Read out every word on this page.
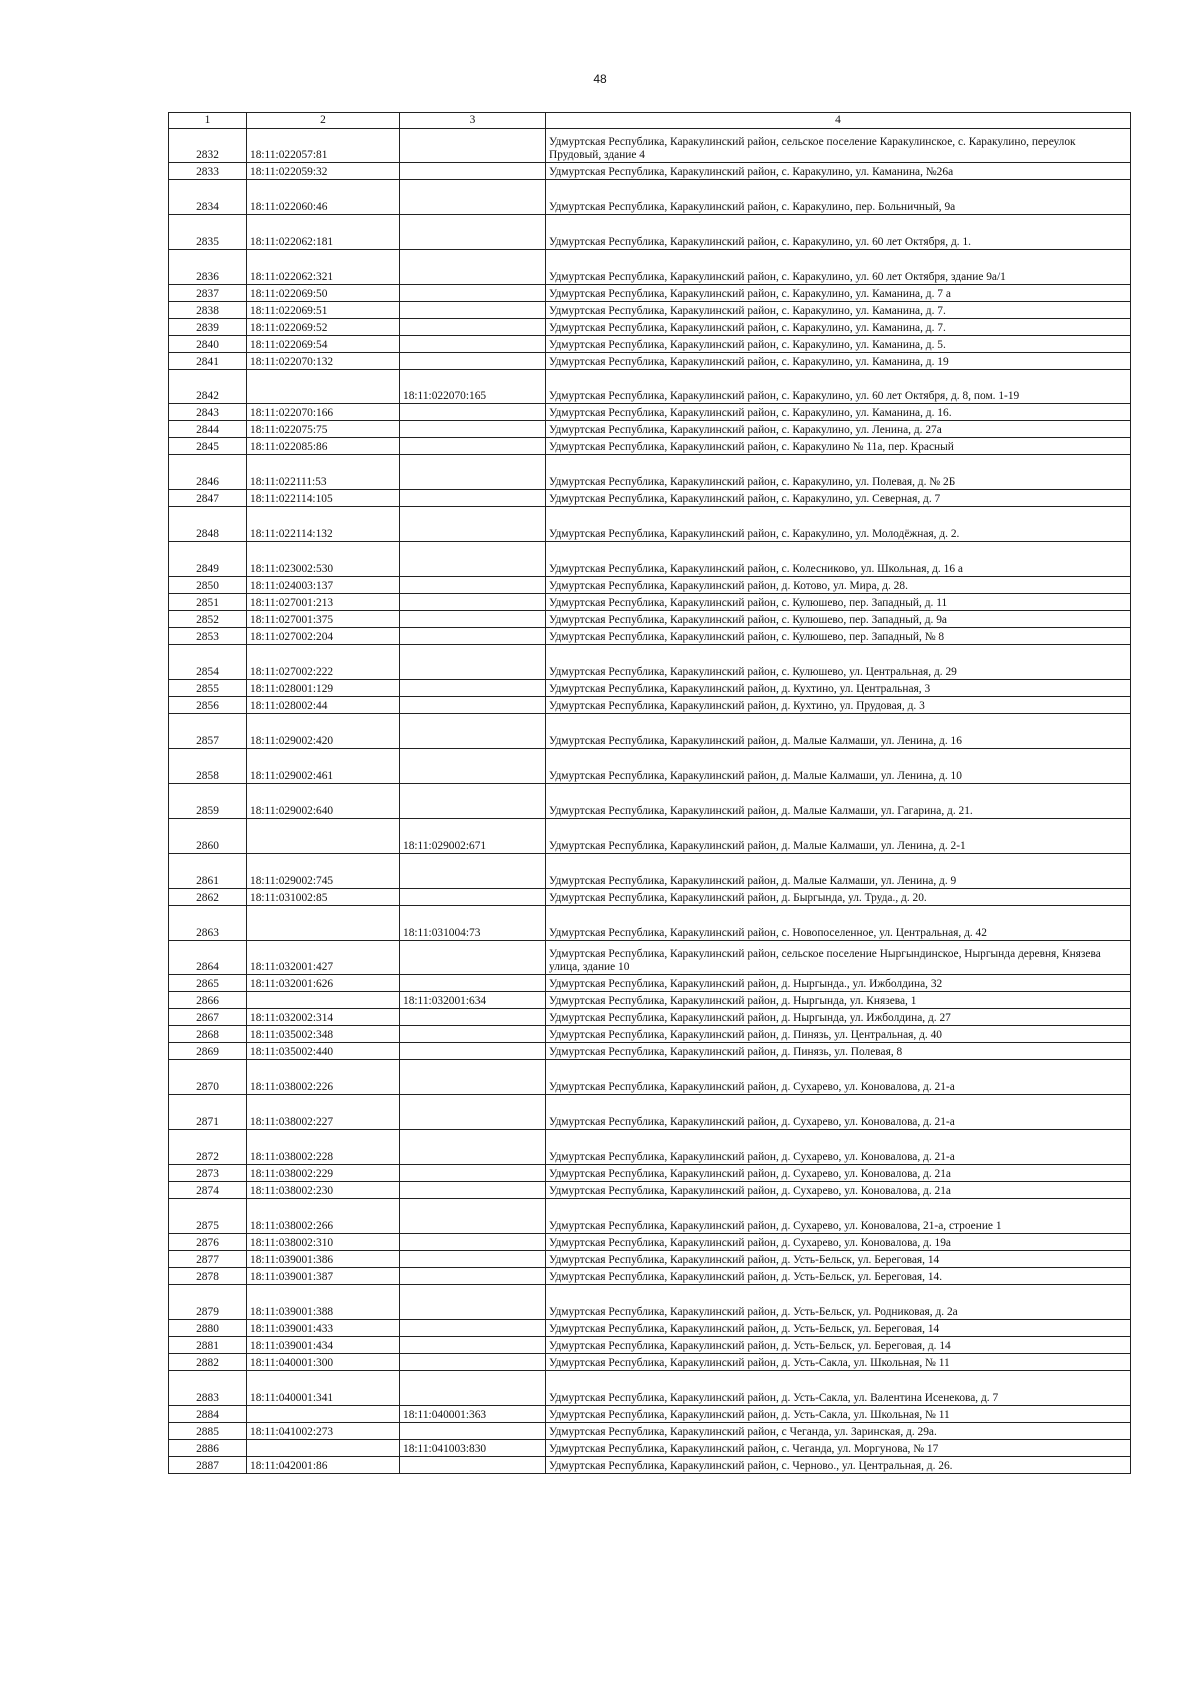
48
1	2	3	4
2832	18:11:022057:81		Удмуртская Республика, Каракулинский район, сельское поселение Каракулинское, с. Каракулино, переулок Прудовый, здание 4
2833	18:11:022059:32		Удмуртская Республика, Каракулинский район, с. Каракулино, ул. Каманина, №26а
2834	18:11:022060:46		Удмуртская Республика, Каракулинский район, с. Каракулино, пер. Больничный, 9а
2835	18:11:022062:181		Удмуртская Республика, Каракулинский район, с. Каракулино, ул. 60 лет Октября, д. 1.
2836	18:11:022062:321		Удмуртская Республика, Каракулинский район, с. Каракулино, ул. 60 лет Октября, здание 9а/1
2837	18:11:022069:50		Удмуртская Республика, Каракулинский район, с. Каракулино, ул. Каманина, д. 7 а
2838	18:11:022069:51		Удмуртская Республика, Каракулинский район, с. Каракулино, ул. Каманина, д. 7.
2839	18:11:022069:52		Удмуртская Республика, Каракулинский район, с. Каракулино, ул. Каманина, д. 7.
2840	18:11:022069:54		Удмуртская Республика, Каракулинский район, с. Каракулино, ул. Каманина, д. 5.
2841	18:11:022070:132		Удмуртская Республика, Каракулинский район, с. Каракулино, ул. Каманина, д. 19
2842		18:11:022070:165	Удмуртская Республика, Каракулинский район, с. Каракулино, ул. 60 лет Октября, д. 8, пом. 1-19
2843	18:11:022070:166		Удмуртская Республика, Каракулинский район, с. Каракулино, ул. Каманина, д. 16.
2844	18:11:022075:75		Удмуртская Республика, Каракулинский район, с. Каракулино, ул. Ленина, д. 27а
2845	18:11:022085:86		Удмуртская Республика, Каракулинский район, с. Каракулино № 11а, пер. Красный
2846	18:11:022111:53		Удмуртская Республика, Каракулинский район, с. Каракулино, ул. Полевая, д. № 2Б
2847	18:11:022114:105		Удмуртская Республика, Каракулинский район, с. Каракулино, ул. Северная, д. 7
2848	18:11:022114:132		Удмуртская Республика, Каракулинский район, с. Каракулино, ул. Молодёжная, д. 2.
2849	18:11:023002:530		Удмуртская Республика, Каракулинский район, с. Колесниково, ул. Школьная, д. 16 а
2850	18:11:024003:137		Удмуртская Республика, Каракулинский район, д. Котово, ул. Мира, д. 28.
2851	18:11:027001:213		Удмуртская Республика, Каракулинский район, с. Кулюшево, пер. Западный, д. 11
2852	18:11:027001:375		Удмуртская Республика, Каракулинский район, с. Кулюшево, пер. Западный, д. 9а
2853	18:11:027002:204		Удмуртская Республика, Каракулинский район, с. Кулюшево, пер. Западный, № 8
2854	18:11:027002:222		Удмуртская Республика, Каракулинский район, с. Кулюшево, ул. Центральная, д. 29
2855	18:11:028001:129		Удмуртская Республика, Каракулинский район, д. Кухтино, ул. Центральная, 3
2856	18:11:028002:44		Удмуртская Республика, Каракулинский район, д. Кухтино, ул. Прудовая, д. 3
2857	18:11:029002:420		Удмуртская Республика, Каракулинский район, д. Малые Калмаши, ул. Ленина, д. 16
2858	18:11:029002:461		Удмуртская Республика, Каракулинский район, д. Малые Калмаши, ул. Ленина, д. 10
2859	18:11:029002:640		Удмуртская Республика, Каракулинский район, д. Малые Калмаши, ул. Гагарина, д. 21.
2860		18:11:029002:671	Удмуртская Республика, Каракулинский район, д. Малые Калмаши, ул. Ленина, д. 2-1
2861	18:11:029002:745		Удмуртская Республика, Каракулинский район, д. Малые Калмаши, ул. Ленина, д. 9
2862	18:11:031002:85		Удмуртская Республика, Каракулинский район, д. Быргында, ул. Труда., д. 20.
2863		18:11:031004:73	Удмуртская Республика, Каракулинский район, с. Новопоселенное, ул. Центральная, д. 42
2864	18:11:032001:427		Удмуртская Республика, Каракулинский район, сельское поселение Ныргындинское, Ныргында деревня, Князева улица, здание 10
2865	18:11:032001:626		Удмуртская Республика, Каракулинский район, д. Ныргында., ул. Ижболдина, 32
2866		18:11:032001:634	Удмуртская Республика, Каракулинский район, д. Ныргында, ул. Князева, 1
2867	18:11:032002:314		Удмуртская Республика, Каракулинский район, д. Ныргында, ул. Ижболдина, д. 27
2868	18:11:035002:348		Удмуртская Республика, Каракулинский район, д. Пинязь, ул. Центральная, д. 40
2869	18:11:035002:440		Удмуртская Республика, Каракулинский район, д. Пинязь, ул. Полевая, 8
2870	18:11:038002:226		Удмуртская Республика, Каракулинский район, д. Сухарево, ул. Коновалова, д. 21-а
2871	18:11:038002:227		Удмуртская Республика, Каракулинский район, д. Сухарево, ул. Коновалова, д. 21-а
2872	18:11:038002:228		Удмуртская Республика, Каракулинский район, д. Сухарево, ул. Коновалова, д. 21-а
2873	18:11:038002:229		Удмуртская Республика, Каракулинский район, д. Сухарево, ул. Коновалова, д. 21а
2874	18:11:038002:230		Удмуртская Республика, Каракулинский район, д. Сухарево, ул. Коновалова, д. 21а
2875	18:11:038002:266		Удмуртская Республика, Каракулинский район, д. Сухарево, ул. Коновалова, 21-а, строение 1
2876	18:11:038002:310		Удмуртская Республика, Каракулинский район, д. Сухарево, ул. Коновалова, д. 19а
2877	18:11:039001:386		Удмуртская Республика, Каракулинский район, д. Усть-Бельск, ул. Береговая, 14
2878	18:11:039001:387		Удмуртская Республика, Каракулинский район, д. Усть-Бельск, ул. Береговая, 14.
2879	18:11:039001:388		Удмуртская Республика, Каракулинский район, д. Усть-Бельск, ул. Родниковая, д. 2а
2880	18:11:039001:433		Удмуртская Республика, Каракулинский район, д. Усть-Бельск, ул. Береговая, 14
2881	18:11:039001:434		Удмуртская Республика, Каракулинский район, д. Усть-Бельск, ул. Береговая, д. 14
2882	18:11:040001:300		Удмуртская Республика, Каракулинский район, д. Усть-Сакла, ул. Школьная, № 11
2883	18:11:040001:341		Удмуртская Республика, Каракулинский район, д. Усть-Сакла, ул. Валентина Исенекова, д. 7
2884		18:11:040001:363	Удмуртская Республика, Каракулинский район, д. Усть-Сакла, ул. Школьная, № 11
2885	18:11:041002:273		Удмуртская Республика, Каракулинский район, с Чеганда, ул. Заринская, д. 29а.
2886		18:11:041003:830	Удмуртская Республика, Каракулинский район, с. Чеганда, ул. Моргунова, № 17
2887	18:11:042001:86		Удмуртская Республика, Каракулинский район, с. Черново., ул. Центральная, д. 26.
